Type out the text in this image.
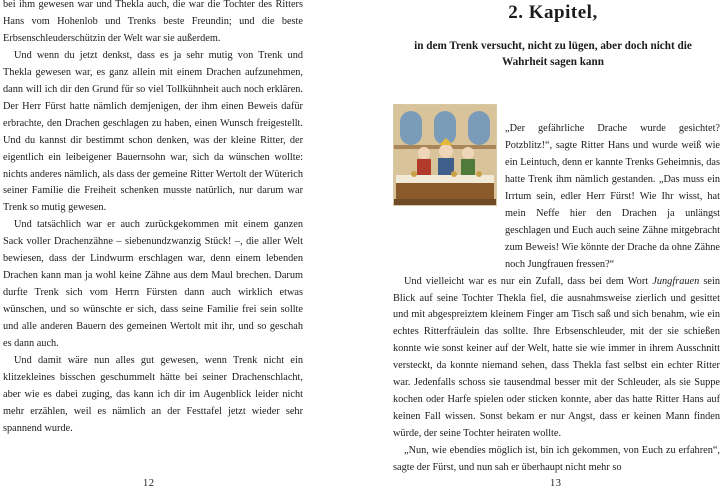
bei ihm gewesen war und Thekla auch, die war die Tochter des Ritters Hans vom Hohenlob und Trenks beste Freundin; und die beste Erbsenschleuderschützin der Welt war sie außerdem.

Und wenn du jetzt denkst, dass es ja sehr mutig von Trenk und Thekla gewesen war, es ganz allein mit einem Drachen aufzunehmen, dann will ich dir den Grund für so viel Tollkühnheit auch noch erklären. Der Herr Fürst hatte nämlich demjenigen, der ihm einen Beweis dafür erbrachte, den Drachen geschlagen zu haben, einen Wunsch freigestellt. Und du kannst dir bestimmt schon denken, was der kleine Ritter, der eigentlich ein leibeigener Bauernsohn war, sich da wünschen wollte: nichts anderes nämlich, als dass der gemeine Ritter Wertolt der Wüterich seiner Familie die Freiheit schenken musste natürlich, nur darum war Trenk so mutig gewesen.

Und tatsächlich war er auch zurückgekommen mit einem ganzen Sack voller Drachenzähne – siebenundzwanzig Stück! –, die aller Welt bewiesen, dass der Lindwurm erschlagen war, denn einem lebenden Drachen kann man ja wohl keine Zähne aus dem Maul brechen. Darum durfte Trenk sich vom Herrn Fürsten dann auch wirklich etwas wünschen, und so wünschte er sich, dass seine Familie frei sein sollte und alle anderen Bauern des gemeinen Wertolt mit ihr, und so geschah es dann auch.

Und damit wäre nun alles gut gewesen, wenn Trenk nicht ein klitzekleines bisschen geschummelt hätte bei seiner Drachenschlacht, aber wie es dabei zuging, das kann ich dir im Augenblick leider nicht mehr erzählen, weil es nämlich an der Festtafel jetzt wieder sehr spannend wurde.

12
2. Kapitel,
in dem Trenk versucht, nicht zu lügen, aber doch nicht die Wahrheit sagen kann

„Der gefährliche Drache wurde gesichtet? Potzblitz!“, sagte Ritter Hans und wurde weiß wie ein Leintuch, denn er kannte Trenks Geheimnis, das hatte Trenk ihm nämlich gestanden. „Das muss ein Irrtum sein, edler Herr Fürst! Wie Ihr wisst, hat mein Neffe hier den Drachen ja unlängst geschlagen und Euch auch seine Zähne mitgebracht zum Beweis! Wie könnte der Drache da ohne Zähne noch Jungfrauen fressen?“

Und vielleicht war es nur ein Zufall, dass bei dem Wort Jungfrauen sein Blick auf seine Tochter Thekla fiel, die ausnahmsweise zierlich und gesittet und mit abgespreiztem kleinem Finger am Tisch saß und sich benahm, wie ein echtes Ritterfräulein das sollte. Ihre Erbsenschleuder, mit der sie schießen konnte wie sonst keiner auf der Welt, hatte sie wie immer in ihrem Ausschnitt versteckt, da konnte niemand sehen, dass Thekla fast selbst ein echter Ritter war. Jedenfalls schoss sie tausendmal besser mit der Schleuder, als sie Suppe kochen oder Harfe spielen oder sticken konnte, aber das hatte Ritter Hans auf keinen Fall wissen. Sonst bekam er nur Angst, dass er keinen Mann finden würde, der seine Tochter heiraten wollte.

„Nun, wie ebendies möglich ist, bin ich gekommen, von Euch zu erfahren“, sagte der Fürst, und nun sah er überhaupt nicht mehr so

13
